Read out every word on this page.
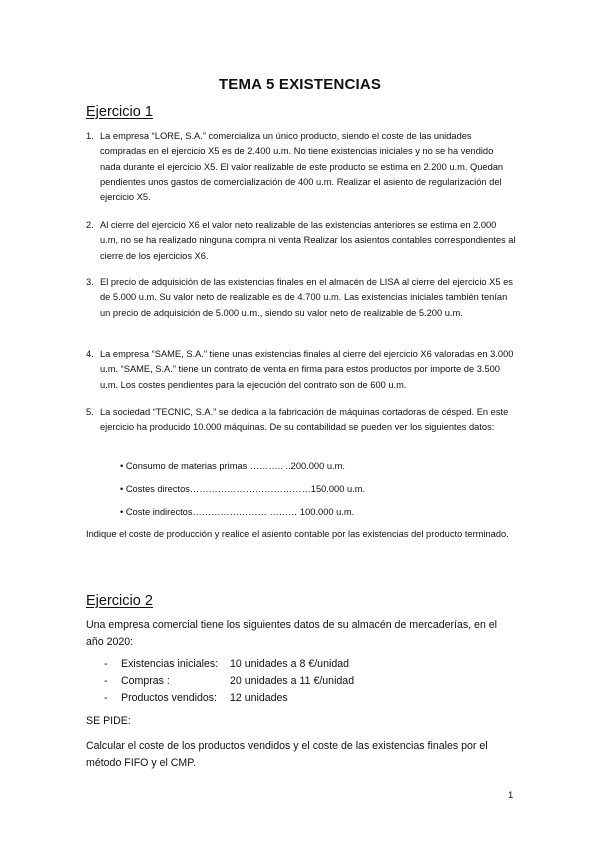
TEMA 5 EXISTENCIAS
Ejercicio 1
1. La empresa “LORE, S.A.” comercializa un único producto, siendo el coste de las unidades compradas en el ejercicio X5 es de 2.400 u.m. No tiene existencias iniciales y no se ha vendido nada durante el ejercicio X5. El valor realizable de este producto se estima en 2.200 u.m. Quedan pendientes unos gastos de comercialización de 400 u.m. Realizar el asiento de regularización del ejercicio X5.
2. Al cierre del ejercicio X6 el valor neto realizable de las existencias anteriores se estima en 2.000 u.m, no se ha realizado ninguna compra ni venta Realizar los asientos contables correspondientes al cierre de los ejercicios X6.
3. El precio de adquisición de las existencias finales en el almacén de LISA al cierre del ejercicio X5 es de 5.000 u.m. Su valor neto de realizable es de 4.700 u.m. Las existencias iniciales también tenían un precio de adquisición de 5.000 u.m., siendo su valor neto de realizable de 5.200 u.m.
4. La empresa “SAME, S.A.” tiene unas existencias finales al cierre del ejercicio X6 valoradas en 3.000 u.m. “SAME, S.A.” tiene un contrato de venta en firma para estos productos por importe de 3.500 u.m. Los costes pendientes para la ejecución del contrato son de 600 u.m.
5. La sociedad “TECNIC, S.A.” se dedica a la fabricación de máquinas cortadoras de césped. En este ejercicio ha producido 10.000 máquinas. De su contabilidad se pueden ver los siguientes datos:
• Consumo de materias primas ……….. ..200.000 u.m.
• Costes directos…………………………………150.000 u.m.
• Coste indirectos…………………… ……… 100.000 u.m.
Indique el coste de producción y realice el asiento contable por las existencias del producto terminado.
Ejercicio 2
Una empresa comercial tiene los siguientes datos de su almacén de mercaderías, en el año 2020:
- Existencias iniciales: 10 unidades a 8 €/unidad
- Compras :	20 unidades a 11 €/unidad
- Productos vendidos: 12 unidades
SE PIDE:
Calcular el coste de los productos vendidos y el coste de las existencias finales por el método FIFO y el CMP.
1
